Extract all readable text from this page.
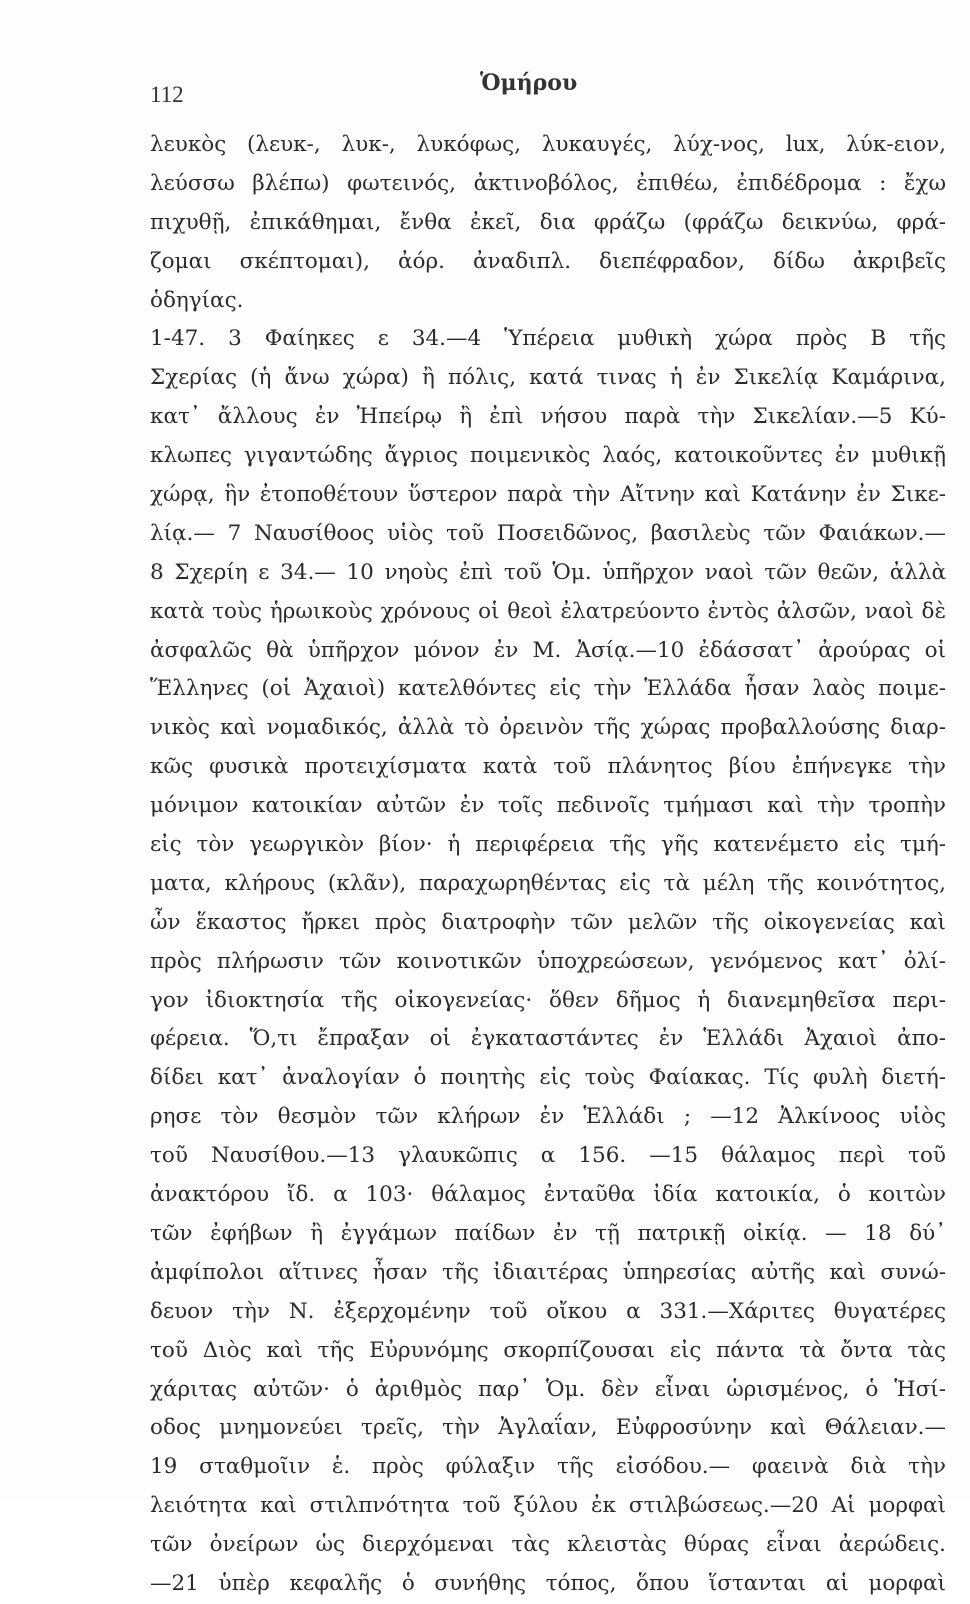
112	Ὁμήρου
λευκὸς (λευκ-, λυκ-, λυκόφως, λυκαυγές, λύχ-νος, lux, λύκ-ειον,
λεύσσω βλέπω) φωτεινός, ἀκτινοβόλος, ἐπιθέω, ἐπιδέδρομα : ἔχω
πιχυθῇ, ἐπικάθημαι, ἔνθα ἐκεῖ, δια φράζω (φράζω δεικνύω, φρά-
ζομαι σκέπτομαι), ἀόρ. ἀναδιπλ. διεπέφραδον, δίδω ἀκριβεῖς
ὁδηγίας.
1-47. 3 Φαίηκες ε 34.—4 Ὑπέρεια μυθικὴ χώρα πρὸς Β τῆς
Σχερίας (ἡ ἄνω χώρα) ἢ πόλις, κατά τινας ἡ ἐν Σικελίᾳ Καμάρινα,
κατ᾽ ἄλλους ἐν Ἠπείρῳ ἢ ἐπὶ νήσου παρὰ τὴν Σικελίαν.—5 Κύ-
κλωπες γιγαντώδης ἄγριος ποιμενικὸς λαός, κατοικοῦντες ἐν μυθικῇ
χώρᾳ, ἣν ἐτοποθέτουν ὕστερον παρὰ τὴν Αἴτνην καὶ Κατάνην ἐν Σικε-
λίᾳ.— 7 Ναυσίθοος υἱὸς τοῦ Ποσειδῶνος, βασιλεὺς τῶν Φαιάκων.—
8 Σχερίη ε 34.— 10 νηοὺς ἐπὶ τοῦ Ὁμ. ὑπῆρχον ναοὶ τῶν θεῶν, ἀλλὰ
κατὰ τοὺς ἡρωικοὺς χρόνους οἱ θεοὶ ἐλατρεύοντο ἐντὸς ἀλσῶν, ναοὶ δὲ
ἀσφαλῶς θὰ ὑπῆρχον μόνον ἐν Μ. Ἀσίᾳ.—10 ἐδάσσατ᾽ ἀρούρας οἱ
Ἕλληνες (οἱ Ἀχαιοὶ) κατελθόντες εἰς τὴν Ἑλλάδα ἦσαν λαὸς ποιμε-
νικὸς καὶ νομαδικός, ἀλλὰ τὸ ὀρεινὸν τῆς χώρας προβαλλούσης διαρ-
κῶς φυσικὰ προτειχίσματα κατὰ τοῦ πλάνητος βίου ἐπήνεγκε τὴν
μόνιμον κατοικίαν αὐτῶν ἐν τοῖς πεδινοῖς τμήμασι καὶ τὴν τροπὴν
εἰς τὸν γεωργικὸν βίον· ἡ περιφέρεια τῆς γῆς κατενέμετο εἰς τμή-
ματα, κλήρους (κλᾶν), παραχωρηθέντας εἰς τὰ μέλη τῆς κοινότητος,
ὧν ἕκαστος ἤρκει πρὸς διατροφὴν τῶν μελῶν τῆς οἰκογενείας καὶ
πρὸς πλήρωσιν τῶν κοινοτικῶν ὑποχρεώσεων, γενόμενος κατ᾽ ὀλί-
γον ἰδιοκτησία τῆς οἰκογενείας· ὅθεν δῆμος ἡ διανεμηθεῖσα περι-
φέρεια. Ὅ,τι ἔπραξαν οἱ ἐγκαταστάντες ἐν Ἑλλάδι Ἀχαιοὶ ἀπο-
δίδει κατ᾽ ἀναλογίαν ὁ ποιητὴς εἰς τοὺς Φαίακας. Τίς φυλὴ διετή-
ρησε τὸν θεσμὸν τῶν κλήρων ἐν Ἑλλάδι ; —12 Ἀλκίνοος υἱὸς
τοῦ Ναυσίθου.—13 γλαυκῶπις α 156. —15 θάλαμος περὶ τοῦ
ἀνακτόρου ἴδ. α 103· θάλαμος ἐνταῦθα ἰδία κατοικία, ὁ κοιτὼν
τῶν ἐφήβων ἢ ἐγγάμων παίδων ἐν τῇ πατρικῇ οἰκίᾳ. — 18 δύ᾽
ἀμφίπολοι αἵτινες ἦσαν τῆς ἰδιαιτέρας ὑπηρεσίας αὐτῆς καὶ συνώ-
δευον τὴν Ν. ἐξερχομένην τοῦ οἴκου α 331.—Χάριτες θυγατέρες
τοῦ Διὸς καὶ τῆς Εὐρυνόμης σκορπίζουσαι εἰς πάντα τὰ ὄντα τὰς
χάριτας αὐτῶν· ὁ ἀριθμὸς παρ᾽ Ὁμ. δὲν εἶναι ὡρισμένος, ὁ Ἡσί-
οδος μνημονεύει τρεῖς, τὴν Ἀγλαΐαν, Εὐφροσύνην καὶ Θάλειαν.—
19 σταθμοῖιν ἑ. πρὸς φύλαξιν τῆς εἰσόδου.— φαεινὰ διὰ τὴν
λειότητα καὶ στιλπνότητα τοῦ ξύλου ἐκ στιλβώσεως.—20 Αἱ μορφαὶ
τῶν ὀνείρων ὡς διερχόμεναι τὰς κλειστὰς θύρας εἶναι ἀερώδεις.
—21 ὑπὲρ κεφαλῆς ὁ συνήθης τόπος, ὅπου ἵστανται αἱ μορφαὶ
